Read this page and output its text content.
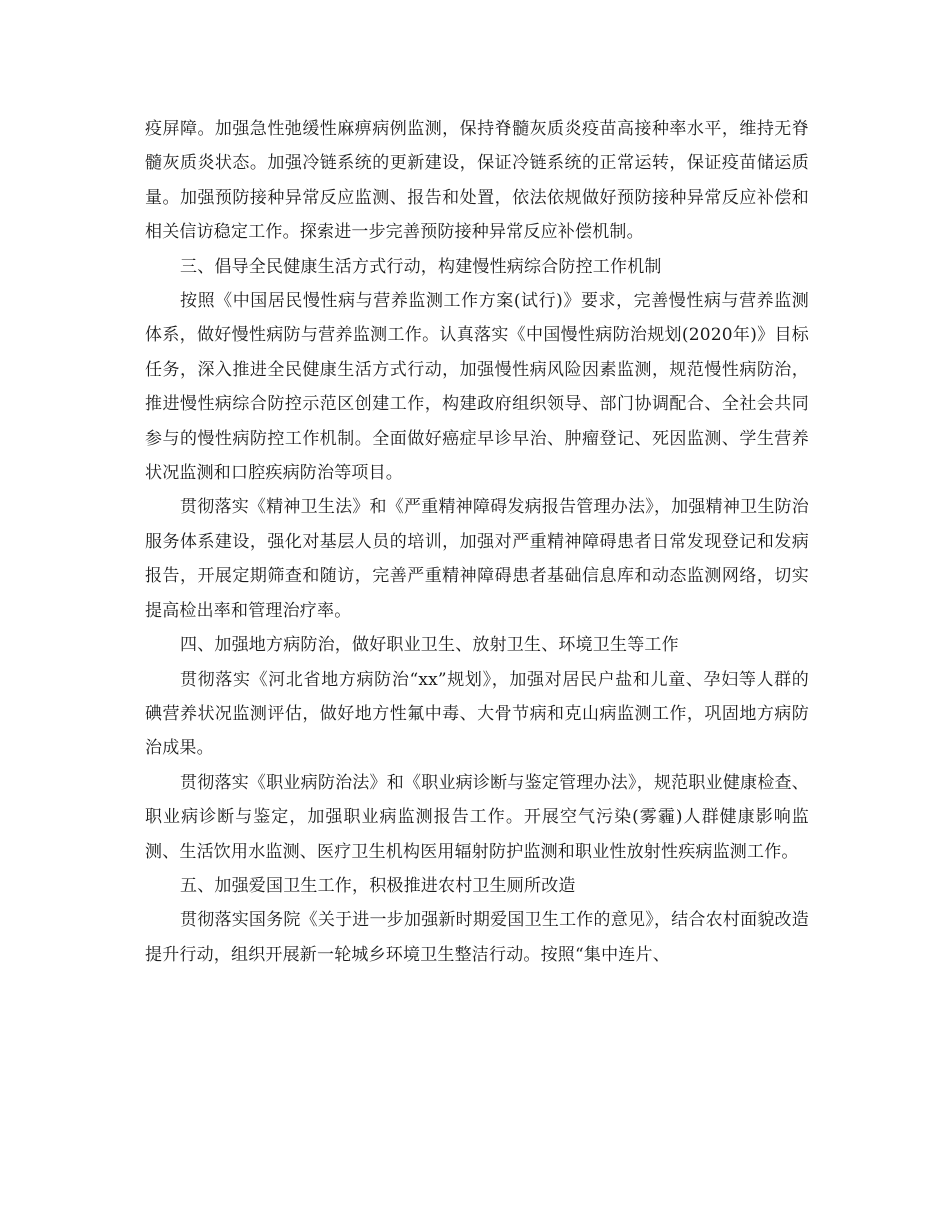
疫屏障。加强急性弛缓性麻痹病例监测，保持脊髓灰质炎疫苗高接种率水平，维持无脊髓灰质炎状态。加强冷链系统的更新建设，保证冷链系统的正常运转，保证疫苗储运质量。加强预防接种异常反应监测、报告和处置，依法依规做好预防接种异常反应补偿和相关信访稳定工作。探索进一步完善预防接种异常反应补偿机制。

三、倡导全民健康生活方式行动，构建慢性病综合防控工作机制

按照《中国居民慢性病与营养监测工作方案(试行)》要求，完善慢性病与营养监测体系，做好慢性病防与营养监测工作。认真落实《中国慢性病防治规划(2020年)》目标任务，深入推进全民健康生活方式行动，加强慢性病风险因素监测，规范慢性病防治，推进慢性病综合防控示范区创建工作，构建政府组织领导、部门协调配合、全社会共同参与的慢性病防控工作机制。全面做好癌症早诊早治、肿瘤登记、死因监测、学生营养状况监测和口腔疾病防治等项目。

贯彻落实《精神卫生法》和《严重精神障碍发病报告管理办法》，加强精神卫生防治服务体系建设，强化对基层人员的培训，加强对严重精神障碍患者日常发现登记和发病报告，开展定期筛查和随访，完善严重精神障碍患者基础信息库和动态监测网络，切实提高检出率和管理治疗率。

四、加强地方病防治，做好职业卫生、放射卫生、环境卫生等工作

贯彻落实《河北省地方病防治“xx”规划》，加强对居民户盐和儿童、孕妇等人群的碘营养状况监测评估，做好地方性氟中毒、大骨节病和克山病监测工作，巩固地方病防治成果。

贯彻落实《职业病防治法》和《职业病诊断与鉴定管理办法》，规范职业健康检查、职业病诊断与鉴定，加强职业病监测报告工作。开展空气污染(雾霾)人群健康影响监测、生活饮用水监测、医疗卫生机构医用辐射防护监测和职业性放射性疾病监测工作。

五、加强爱国卫生工作，积极推进农村卫生厕所改造

贯彻落实国务院《关于进一步加强新时期爱国卫生工作的意见》，结合农村面貌改造提升行动，组织开展新一轮城乡环境卫生整洁行动。按照“集中连片、
